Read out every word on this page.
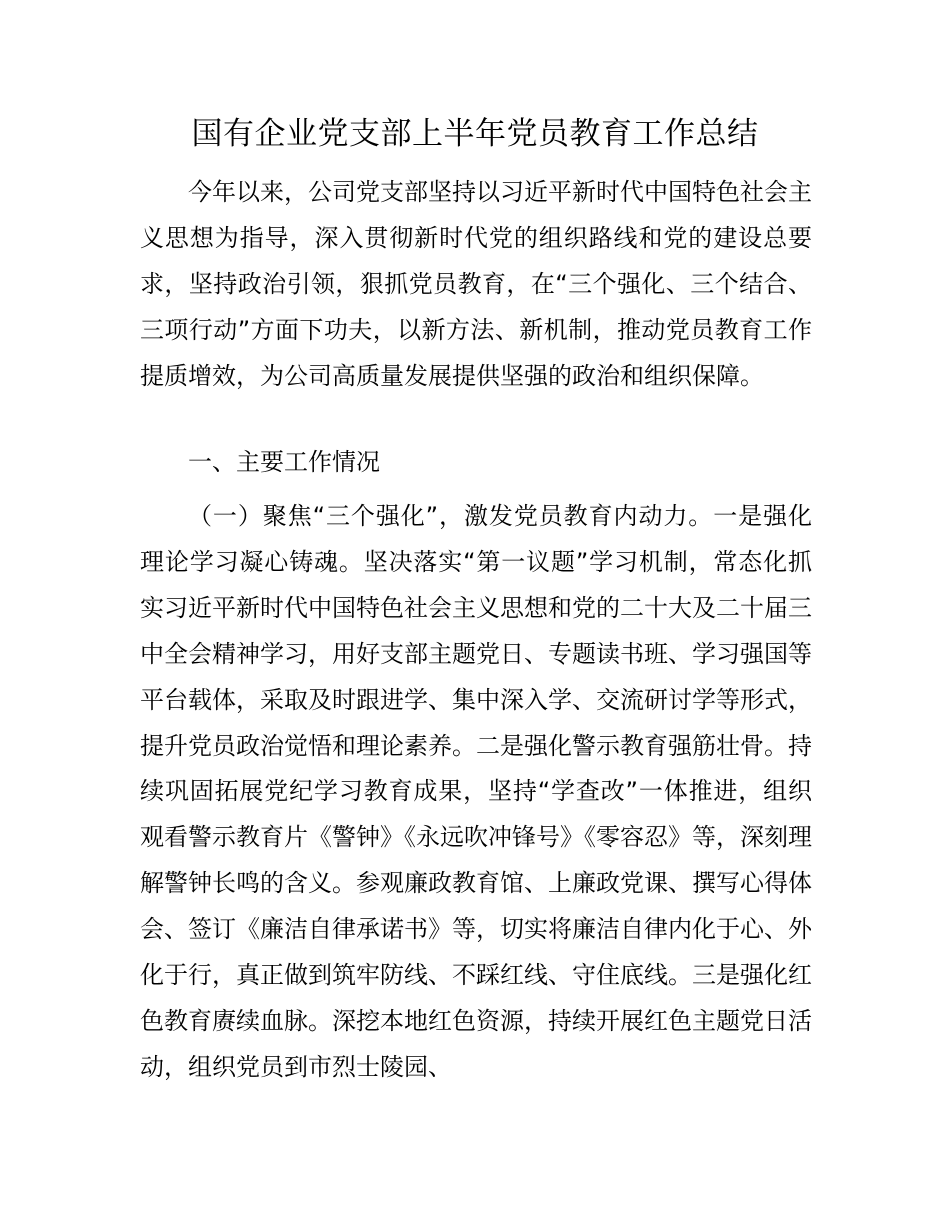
国有企业党支部上半年党员教育工作总结

今年以来，公司党支部坚持以习近平新时代中国特色社会主义思想为指导，深入贯彻新时代党的组织路线和党的建设总要求，坚持政治引领，狠抓党员教育，在“三个强化、三个结合、三项行动”方面下功夫，以新方法、新机制，推动党员教育工作提质增效，为公司高质量发展提供坚强的政治和组织保障。

一、主要工作情况

（一）聚焦“三个强化”，激发党员教育内动力。一是强化理论学习凝心铸魂。坚决落实“第一议题”学习机制，常态化抓实习近平新时代中国特色社会主义思想和党的二十大及二十届三中全会精神学习，用好支部主题党日、专题读书班、学习强国等平台载体，采取及时跟进学、集中深入学、交流研讨学等形式，提升党员政治觉悟和理论素养。二是强化警示教育强筋壮骨。持续巩固拓展党纪学习教育成果，坚持“学查改”一体推进，组织观看警示教育片《警钟》《永远吹冲锋号》《零容忍》等，深刻理解警钟长鸣的含义。参观廉政教育馆、上廉政党课、撰写心得体会、签订《廉洁自律承诺书》等，切实将廉洁自律内化于心、外化于行，真正做到筑牢防线、不踩红线、守住底线。三是强化红色教育赓续血脉。深挖本地红色资源，持续开展红色主题党日活动，组织党员到市烈士陵园、
